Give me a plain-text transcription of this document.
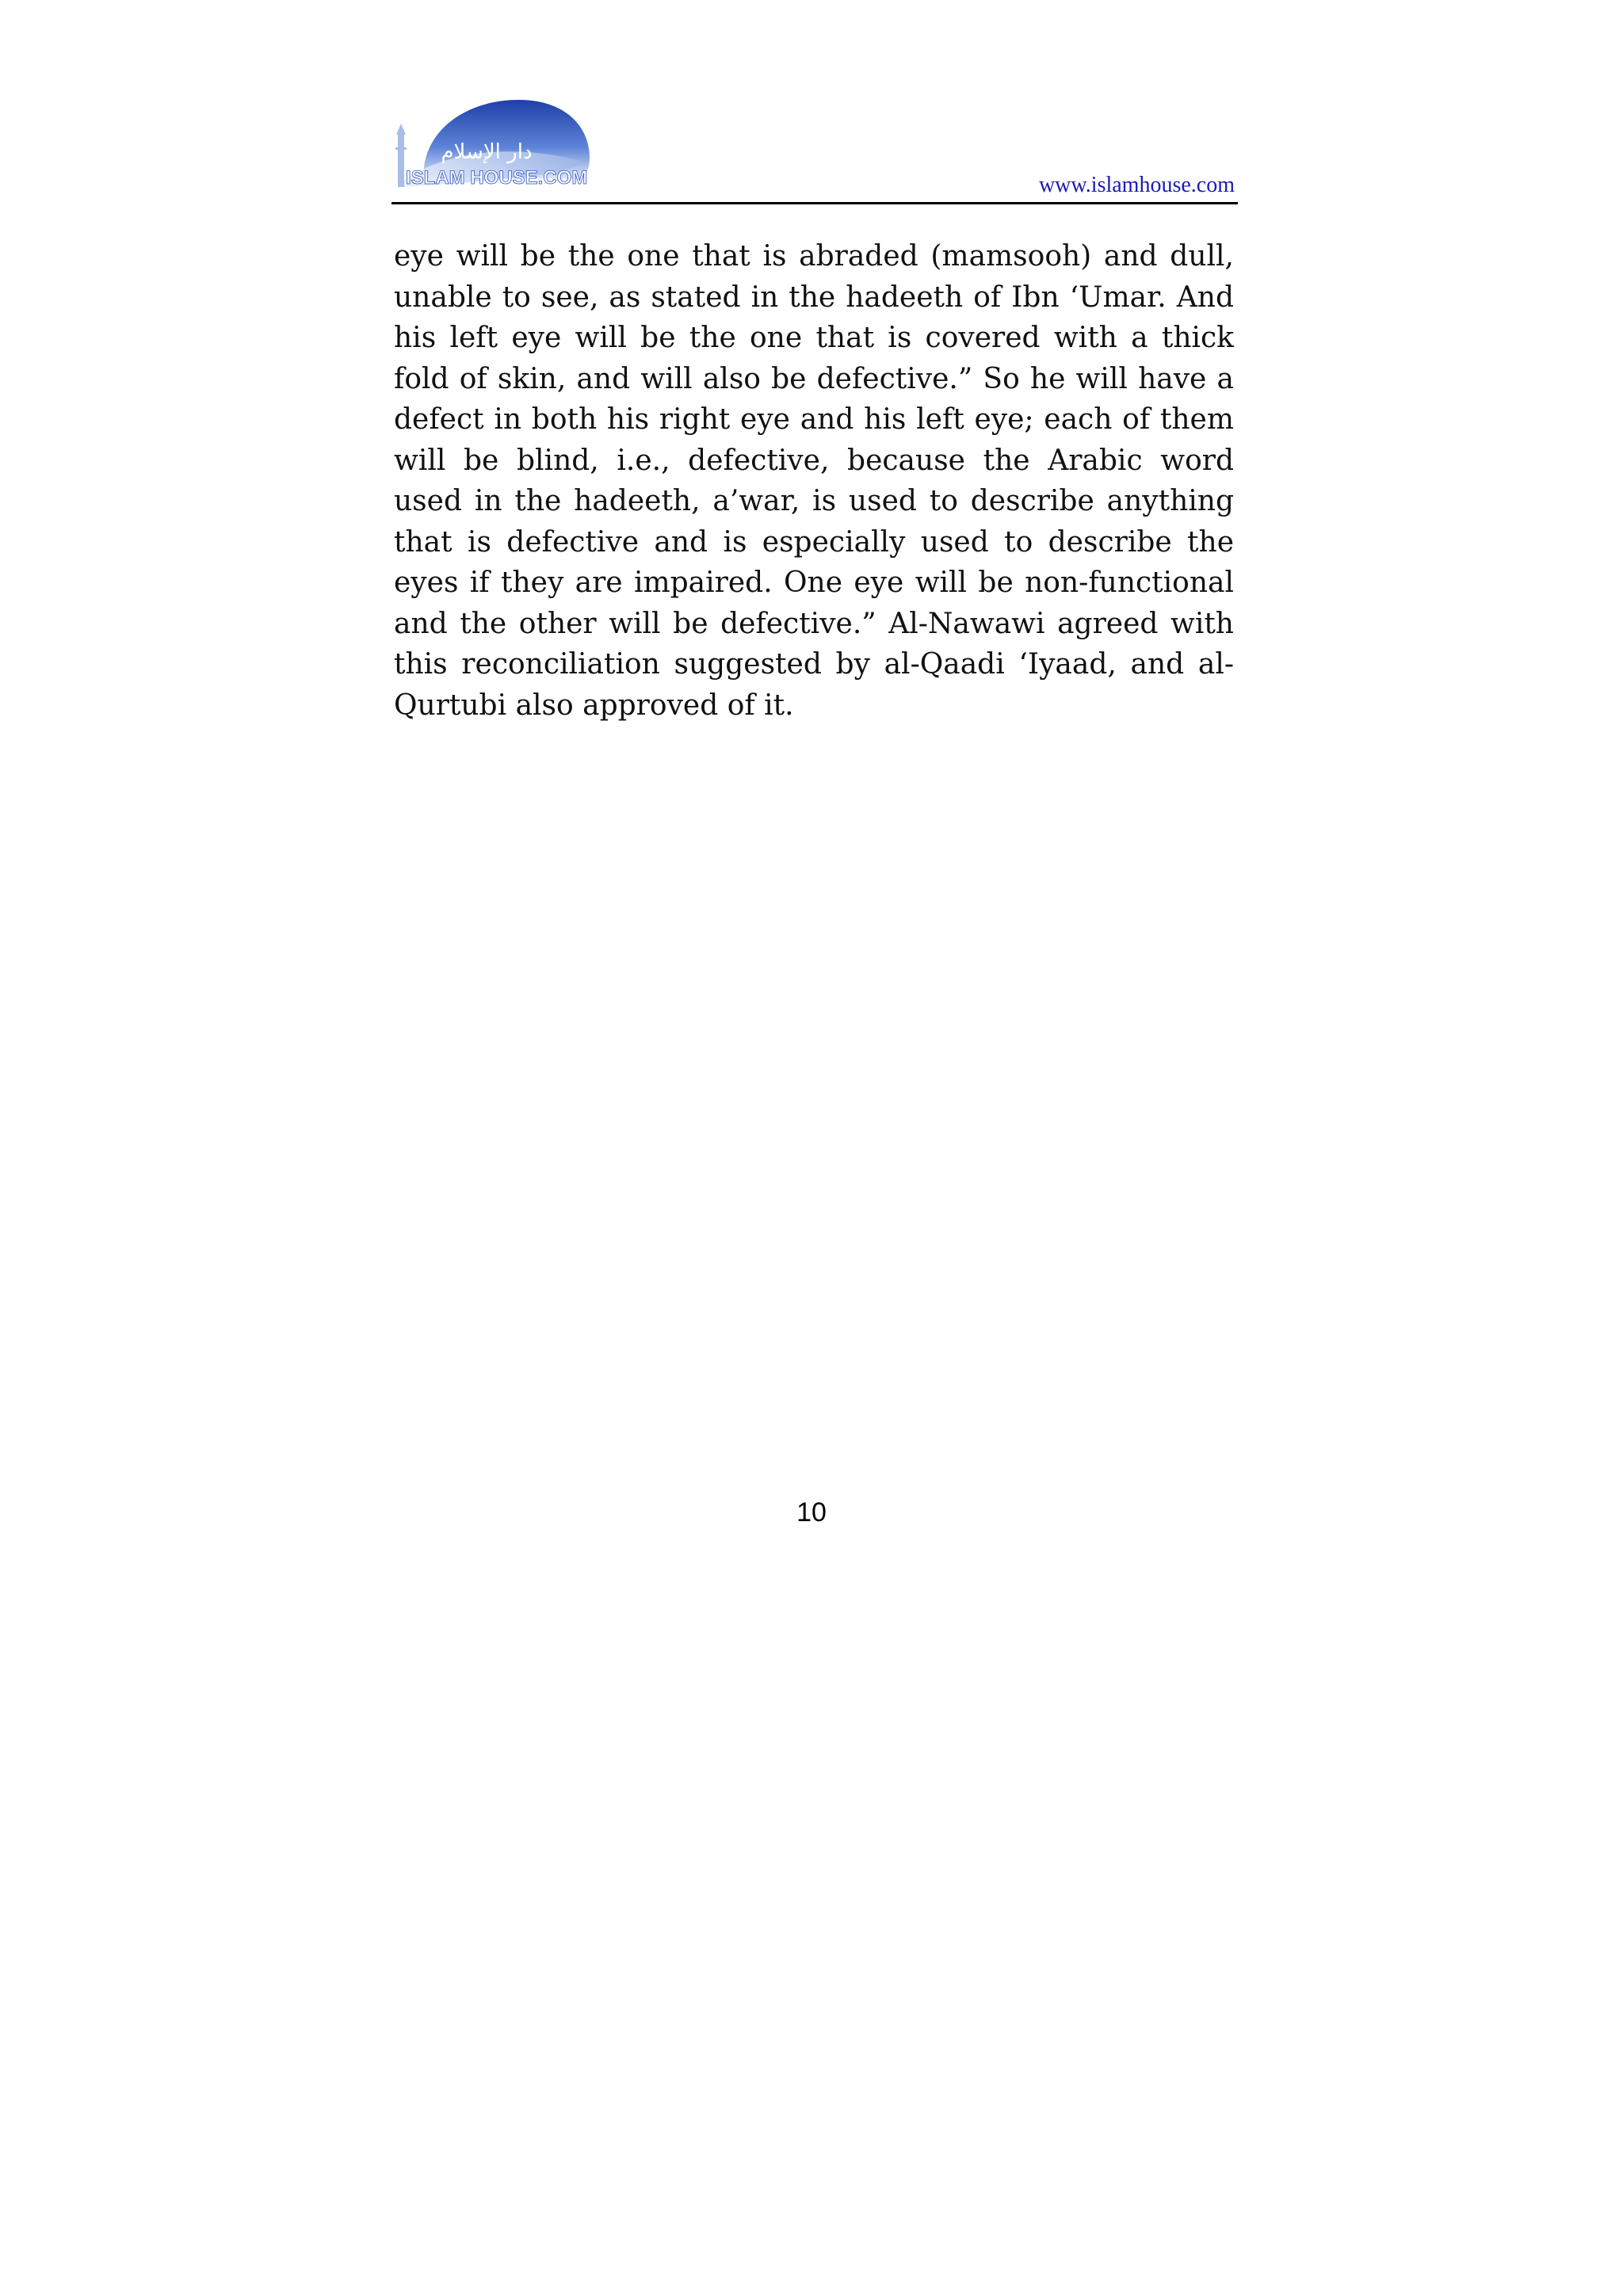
دار الإسلام
ISLAM HOUSE.COM	www.islamhouse.com

eye will be the one that is abraded (mamsooh) and dull, unable to see, as stated in the hadeeth of Ibn ‘Umar. And his left eye will be the one that is covered with a thick fold of skin, and will also be defective.” So he will have a defect in both his right eye and his left eye; each of them will be blind, i.e., defective, because the Arabic word used in the hadeeth, a’war, is used to describe anything that is defective and is especially used to describe the eyes if they are impaired. One eye will be non-functional and the other will be defective.” Al-Nawawi agreed with this reconciliation suggested by al-Qaadi ‘Iyaad, and al-Qurtubi also approved of it.

10
